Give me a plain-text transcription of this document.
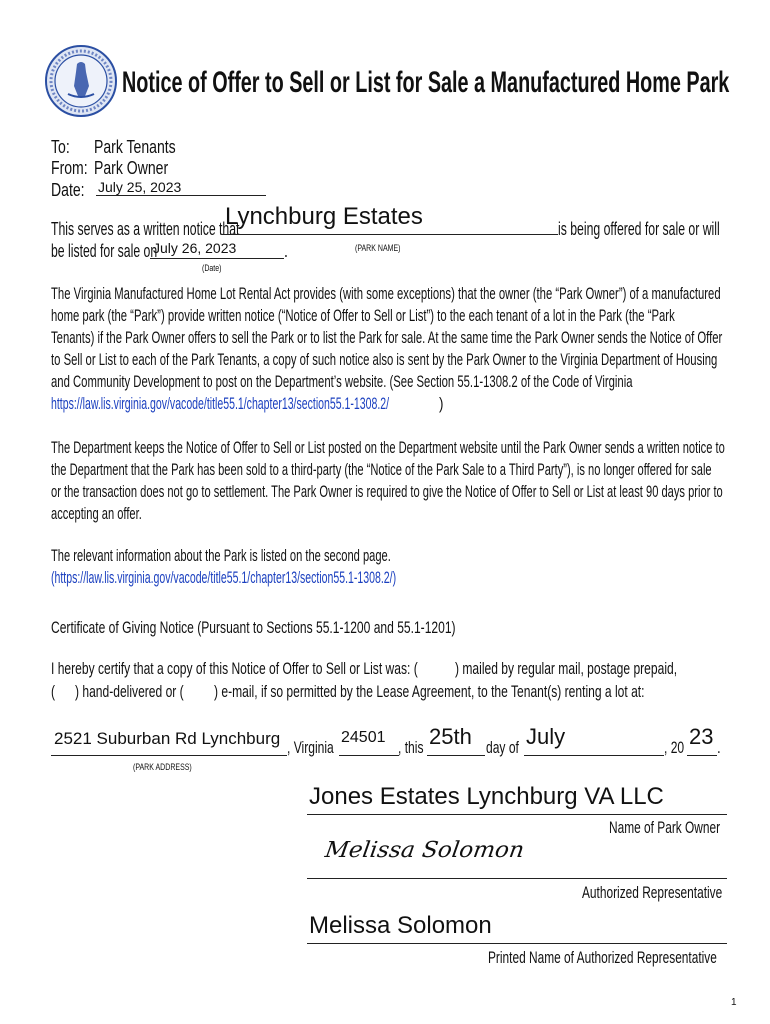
Notice of Offer to Sell or List for Sale a Manufactured Home Park
To: Park Tenants
From: Park Owner
Date: July 25, 2023
This serves as a written notice that
Lynchburg Estates	is being offered for sale or will
(PARK NAME)
be listed for sale on
July 26, 2023	.
(Date)
The Virginia Manufactured Home Lot Rental Act provides (with some exceptions) that the owner (the “Park Owner”) of a manufactured
home park (the “Park”) provide written notice (“Notice of Offer to Sell or List”) to the each tenant of a lot in the Park (the “Park
Tenants) if the Park Owner offers to sell the Park or to list the Park for sale. At the same time the Park Owner sends the Notice of Offer
to Sell or List to each of the Park Tenants, a copy of such notice also is sent by the Park Owner to the Virginia Department of Housing
and Community Development to post on the Department’s website. (See Section 55.1-1308.2 of the Code of Virginia
https://law.lis.virginia.gov/vacode/title55.1/chapter13/section55.1-1308.2/	)
The Department keeps the Notice of Offer to Sell or List posted on the Department website until the Park Owner sends a written notice to
the Department that the Park has been sold to a third-party (the “Notice of the Park Sale to a Third Party”), is no longer offered for sale
or the transaction does not go to settlement. The Park Owner is required to give the Notice of Offer to Sell or List at least 90 days prior to
accepting an offer.
The relevant information about the Park is listed on the second page.
(https://law.lis.virginia.gov/vacode/title55.1/chapter13/section55.1-1308.2/)
Certificate of Giving Notice (Pursuant to Sections 55.1-1200 and 55.1-1201)
I hereby certify that a copy of this Notice of Offer to Sell or List was: ( ) mailed by regular mail, postage prepaid,
( ) hand-delivered or ( ) e-mail, if so permitted by the Lease Agreement, to the Tenant(s) renting a lot at:
2521 Suburban Rd Lynchburg , Virginia
24501
, this 25th day of July	, 20 23 .
(PARK ADDRESS)
Jones Estates Lynchburg VA LLC
Name of Park Owner
Melissa Solomon
Authorized Representative
Melissa Solomon
Printed Name of Authorized Representative
1
